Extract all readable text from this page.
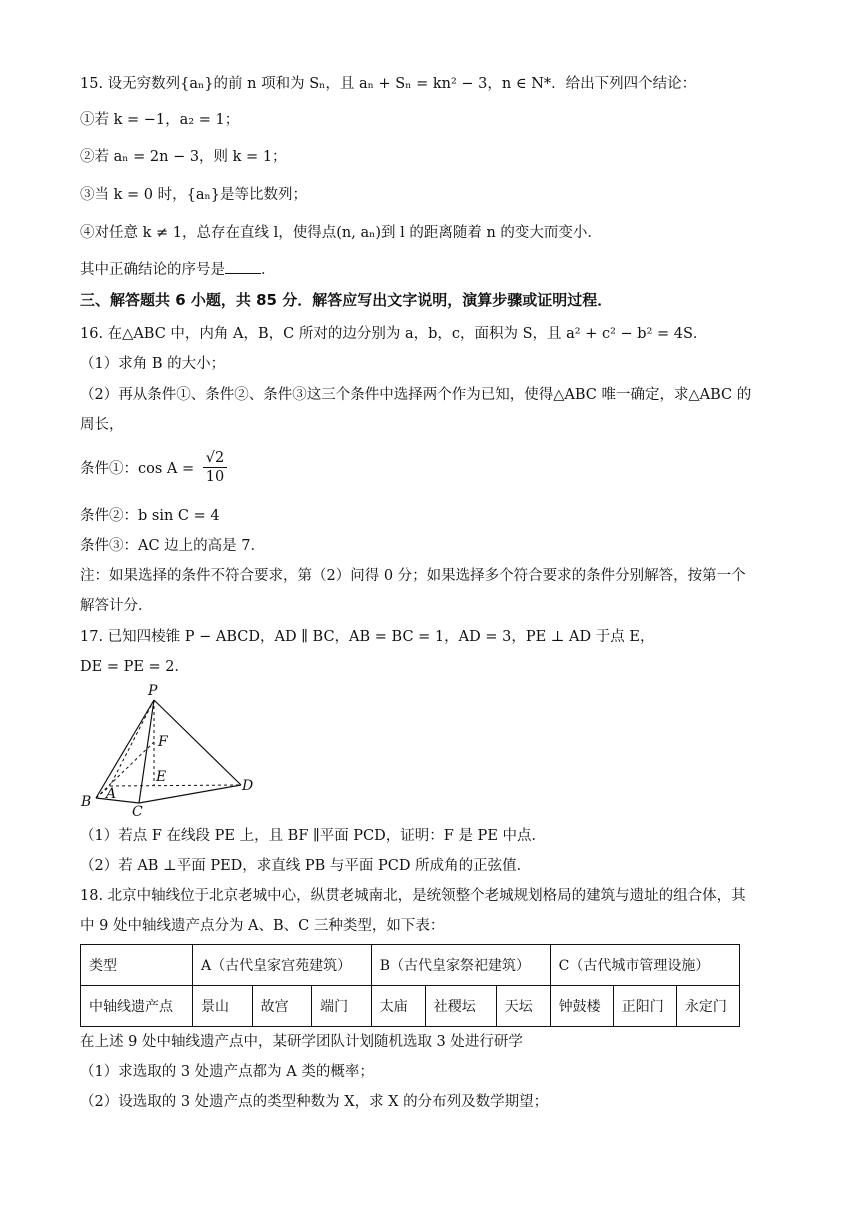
15. 设无穷数列{aₙ}的前 n 项和为 Sₙ，且 aₙ + Sₙ = kn² − 3，n ∈ N*．给出下列四个结论：
①若 k = −1，a₂ = 1；
②若 aₙ = 2n − 3，则 k = 1；
③当 k = 0 时，{aₙ}是等比数列；
④对任意 k ≠ 1，总存在直线 l，使得点(n, aₙ)到 l 的距离随着 n 的变大而变小．
其中正确结论的序号是 ．
三、解答题共 6 小题，共 85 分．解答应写出文字说明，演算步骤或证明过程．
16. 在△ABC 中，内角 A，B，C 所对的边分别为 a，b，c，面积为 S，且 a² + c² − b² = 4S．
（1）求角 B 的大小；
（2）再从条件①、条件②、条件③这三个条件中选择两个作为已知，使得△ABC 唯一确定，求△ABC 的
周长，
条件①：$\cos A = \frac{√2}{10}$
条件②：b sin C = 4
条件③：AC 边上的高是 7．
注：如果选择的条件不符合要求，第（2）问得 0 分；如果选择多个符合要求的条件分别解答，按第一个
解答计分．
17. 已知四棱锥 P − ABCD，AD ∥ BC，AB = BC = 1，AD = 3，PE ⊥ AD 于点 E，
DE = PE = 2．
P
F
E
A
B
C
D
（1）若点 F 在线段 PE 上，且 BF ∥平面 PCD，证明：F 是 PE 中点．
（2）若 AB ⊥平面 PED，求直线 PB 与平面 PCD 所成角的正弦值．
18. 北京中轴线位于北京老城中心，纵贯老城南北，是统领整个老城规划格局的建筑与遗址的组合体，其
中 9 处中轴线遗产点分为 A、B、C 三种类型，如下表：
类型	A（古代皇家宫苑建筑）			B（古代皇家祭祀建筑）			C（古代城市管理设施）		
中轴线遗产点	景山	故宫	端门	太庙	社稷坛	天坛	钟鼓楼	正阳门	永定门
在上述 9 处中轴线遗产点中，某研学团队计划随机选取 3 处进行研学
（1）求选取的 3 处遗产点都为 A 类的概率；
（2）设选取的 3 处遗产点的类型种数为 X，求 X 的分布列及数学期望；
